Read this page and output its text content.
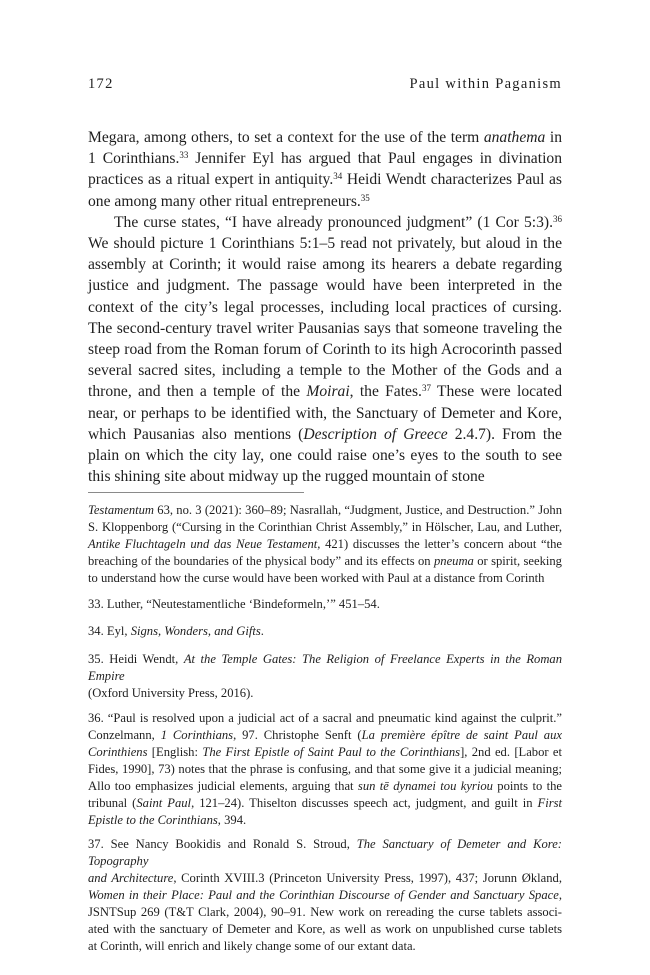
172	Paul within Paganism

Megara, among others, to set a context for the use of the term anathema in 1 Corinthians.$^{33}$ Jennifer Eyl has argued that Paul engages in divination practices as a ritual expert in antiquity.$^{34}$ Heidi Wendt characterizes Paul as one among many other ritual entrepreneurs.$^{35}$

The curse states, “I have already pronounced judgment” (1 Cor 5:3).$^{36}$ We should picture 1 Corinthians 5:1–5 read not privately, but aloud in the assembly at Corinth; it would raise among its hearers a debate regarding justice and judgment. The passage would have been interpreted in the context of the city’s legal processes, including local practices of cursing. The second-century travel writer Pausanias says that someone traveling the steep road from the Roman forum of Corinth to its high Acrocorinth passed several sacred sites, including a temple to the Mother of the Gods and a throne, and then a temple of the Moirai, the Fates.$^{37}$ These were located near, or perhaps to be identified with, the Sanctuary of Demeter and Kore, which Pausanias also mentions (Description of Greece 2.4.7). From the plain on which the city lay, one could raise one’s eyes to the south to see this shining site about midway up the rugged mountain of stone

Testamentum 63, no. 3 (2021): 360–89; Nasrallah, “Judgment, Justice, and Destruction.” John
S. Kloppenborg (“Cursing in the Corinthian Christ Assembly,” in Hölscher, Lau, and Luther,
Antike Fluchtageln und das Neue Testament, 421) discusses the letter’s concern about “the
breaching of the boundaries of the physical body” and its effects on pneuma or spirit, seeking
to understand how the curse would have been worked with Paul at a distance from Corinth

33. Luther, “Neutestamentliche ‘Bindeformeln,’” 451–54.

34. Eyl, Signs, Wonders, and Gifts.

35. Heidi Wendt, At the Temple Gates: The Religion of Freelance Experts in the Roman Empire
(Oxford University Press, 2016).

36. “Paul is resolved upon a judicial act of a sacral and pneumatic kind against the culprit.”
Conzelmann, 1 Corinthians, 97. Christophe Senft (La première épître de saint Paul aux
Corinthiens [English: The First Epistle of Saint Paul to the Corinthians], 2nd ed. [Labor et
Fides, 1990], 73) notes that the phrase is confusing, and that some give it a judicial meaning;
Allo too emphasizes judicial elements, arguing that sun tē dynamei tou kyriou points to the
tribunal (Saint Paul, 121–24). Thiselton discusses speech act, judgment, and guilt in First
Epistle to the Corinthians, 394.

37. See Nancy Bookidis and Ronald S. Stroud, The Sanctuary of Demeter and Kore: Topography
and Architecture, Corinth XVIII.3 (Princeton University Press, 1997), 437; Jorunn Økland,
Women in their Place: Paul and the Corinthian Discourse of Gender and Sanctuary Space,
JSNTSup 269 (T&T Clark, 2004), 90–91. New work on rereading the curse tablets associ-
ated with the sanctuary of Demeter and Kore, as well as work on unpublished curse tablets
at Corinth, will enrich and likely change some of our extant data.
